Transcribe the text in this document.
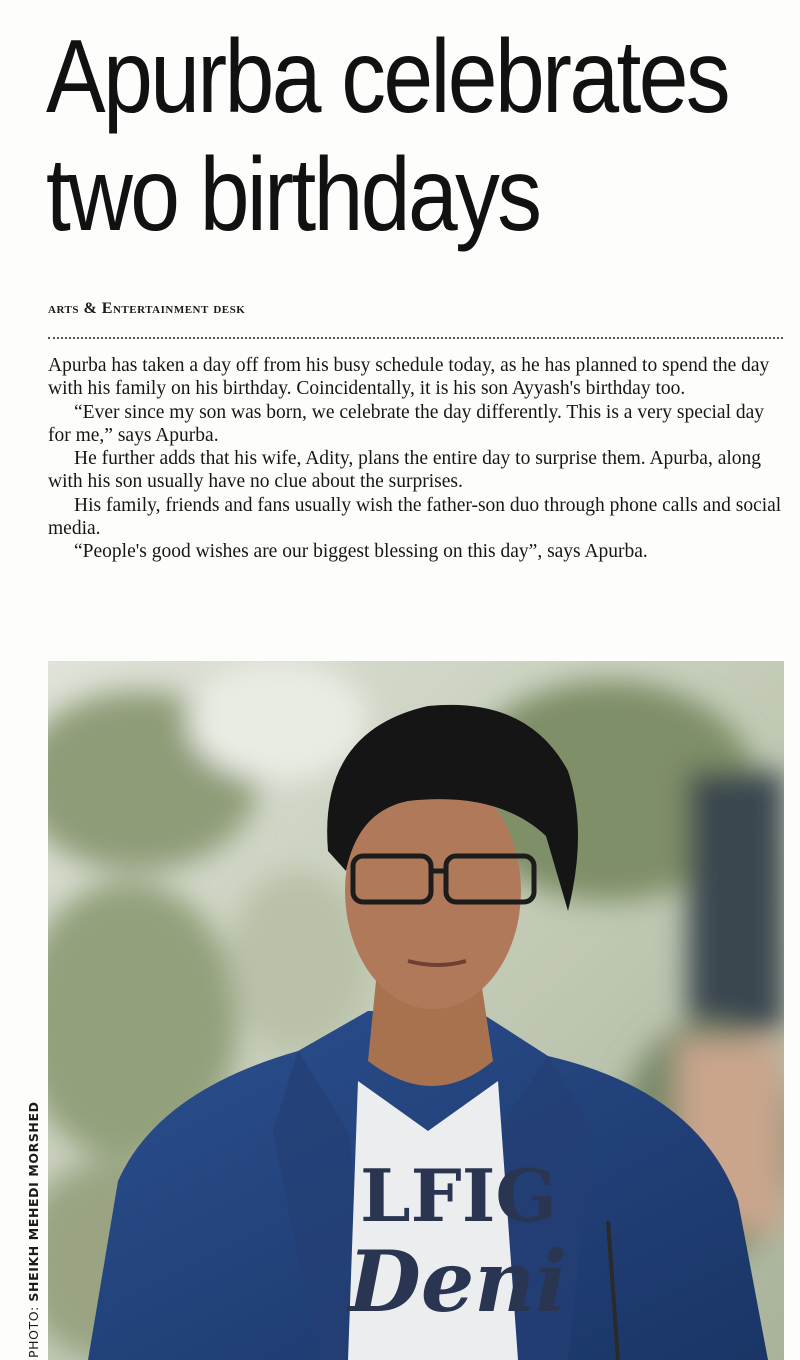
Apurba celebrates
two birthdays
arts & Entertainment desk

Apurba has taken a day off from his busy schedule today, as he has planned to spend the day with his family on his birthday. Coincidentally, it is his son Ayyash's birthday too.

“Ever since my son was born, we celebrate the day differently. This is a very special day for me,” says Apurba.

He further adds that his wife, Adity, plans the entire day to surprise them. Apurba, along with his son usually have no clue about the surprises.

His family, friends and fans usually wish the father-son duo through phone calls and social media.

“People's good wishes are our biggest blessing on this day”, says Apurba.

LFIG
Deni
PHOTO: SHEIKH MEHEDI MORSHED
